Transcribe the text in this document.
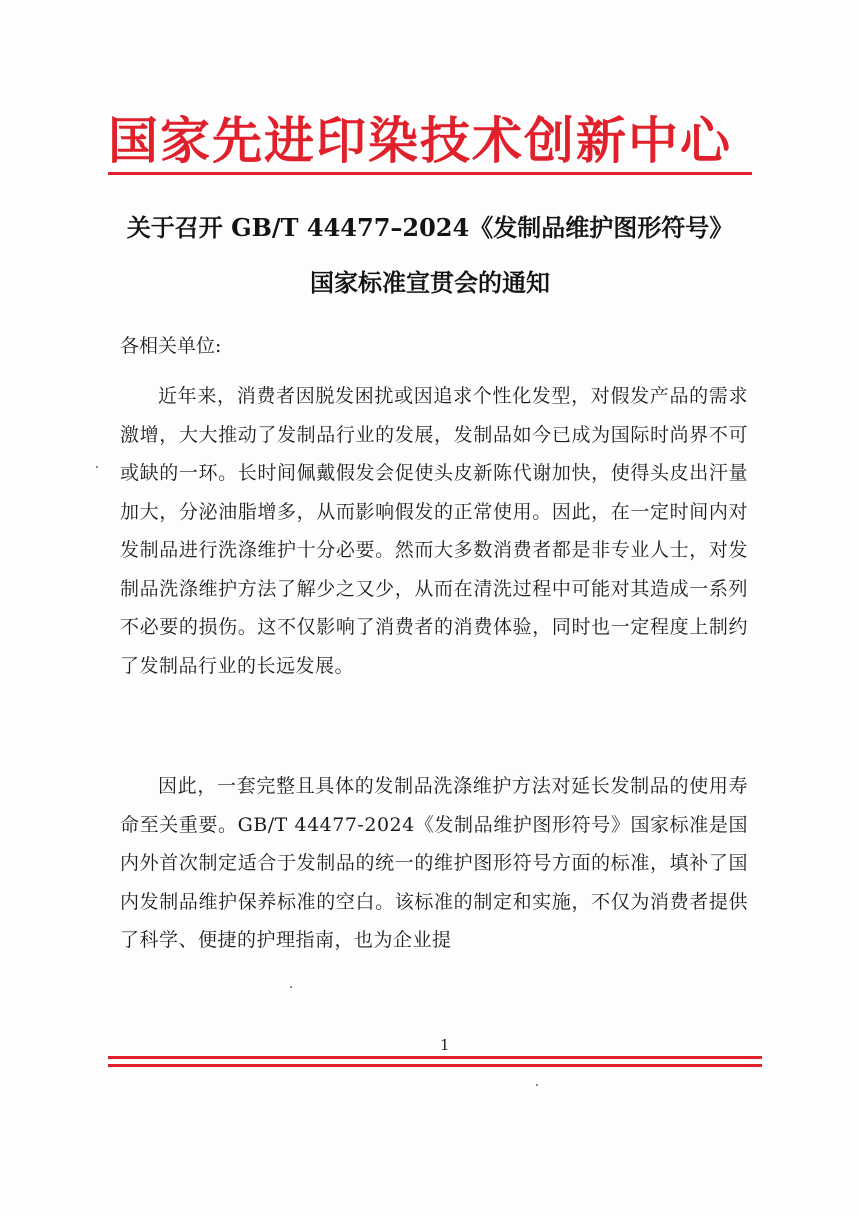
国家先进印染技术创新中心
关于召开 GB/T 44477–2024《发制品维护图形符号》
国家标准宣贯会的通知
各相关单位:
近年来，消费者因脱发困扰或因追求个性化发型，对假发产品的需求激增，大大推动了发制品行业的发展，发制品如今已成为国际时尚界不可或缺的一环。长时间佩戴假发会促使头皮新陈代谢加快，使得头皮出汗量加大，分泌油脂增多，从而影响假发的正常使用。因此，在一定时间内对发制品进行洗涤维护十分必要。然而大多数消费者都是非专业人士，对发制品洗涤维护方法了解少之又少，从而在清洗过程中可能对其造成一系列不必要的损伤。这不仅影响了消费者的消费体验，同时也一定程度上制约了发制品行业的长远发展。
因此，一套完整且具体的发制品洗涤维护方法对延长发制品的使用寿命至关重要。GB/T 44477-2024《发制品维护图形符号》国家标准是国内外首次制定适合于发制品的统一的维护图形符号方面的标准，填补了国内发制品维护保养标准的空白。该标准的制定和实施，不仅为消费者提供了科学、便捷的护理指南，也为企业提
1
